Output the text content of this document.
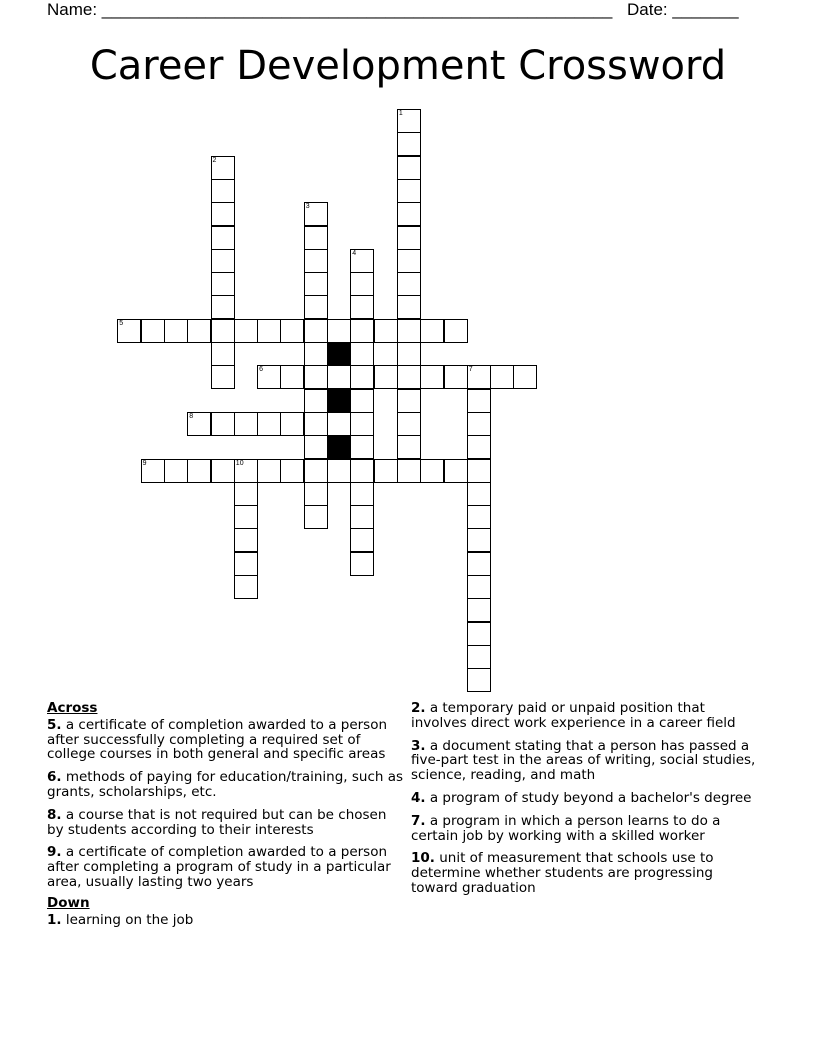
Name: ______________________________________________________ Date: _______
Career Development Crossword
1
2
3
4
5
6	7
8
9	10
Across
5. a certificate of completion awarded to a person after successfully completing a required set of college courses in both general and specific areas
6. methods of paying for education/training, such as grants, scholarships, etc.
8. a course that is not required but can be chosen by students according to their interests
9. a certificate of completion awarded to a person after completing a program of study in a particular area, usually lasting two years
Down
1. learning on the job
2. a temporary paid or unpaid position that involves direct work experience in a career field
3. a document stating that a person has passed a five-part test in the areas of writing, social studies, science, reading, and math
4. a program of study beyond a bachelor's degree
7. a program in which a person learns to do a certain job by working with a skilled worker
10. unit of measurement that schools use to determine whether students are progressing toward graduation
